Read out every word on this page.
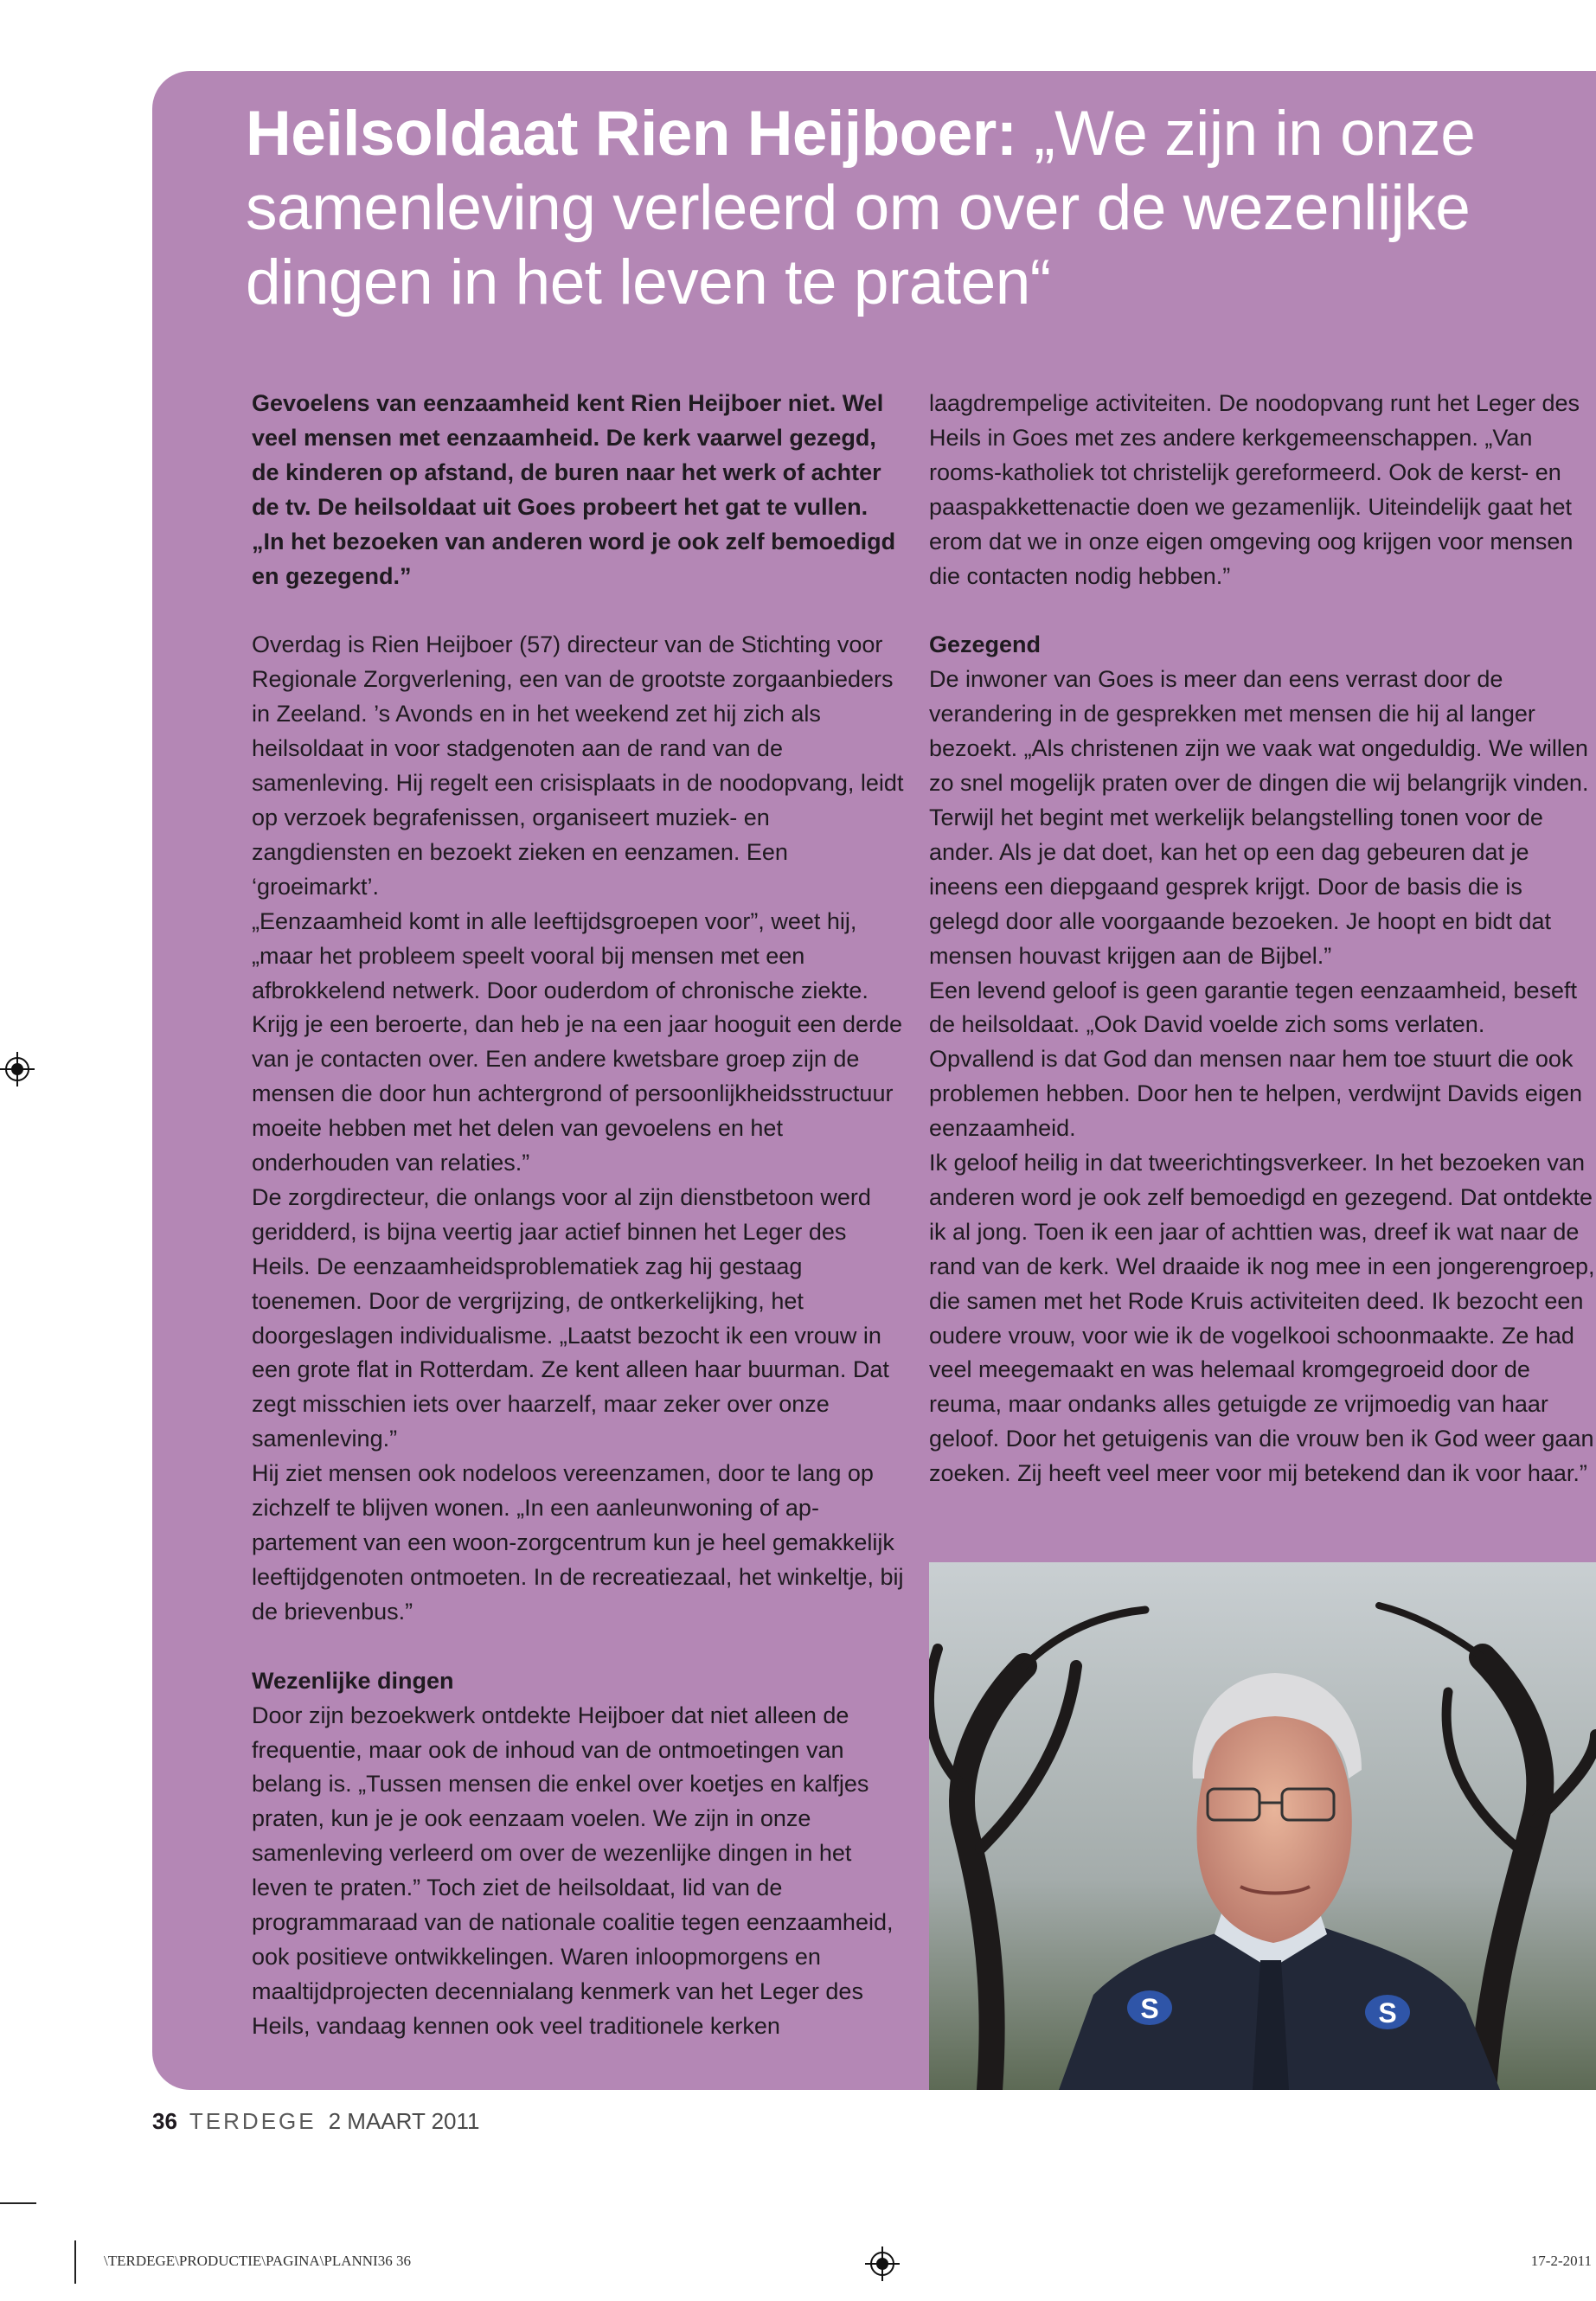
Heilsoldaat Rien Heijboer: „We zijn in onze samenleving verleerd om over de wezenlijke dingen in het leven te praten“

Gevoelens van eenzaamheid kent Rien Heijboer niet. Wel veel mensen met eenzaamheid. De kerk vaarwel gezegd, de kinderen op afstand, de buren naar het werk of achter de tv. De heilsoldaat uit Goes probeert het gat te vullen. „In het bezoeken van anderen word je ook zelf bemoedigd en gezegend.”

Overdag is Rien Heijboer (57) directeur van de Stichting voor Regionale Zorgverlening, een van de grootste zorgaanbieders in Zeeland. ’s Avonds en in het weekend zet hij zich als heilsoldaat in voor stadgenoten aan de rand van de samenleving. Hij regelt een crisisplaats in de noodopvang, leidt op verzoek begrafenissen, organiseert muziek- en zangdiensten en bezoekt zieken en eenzamen. Een ‘groeimarkt’.

„Eenzaamheid komt in alle leeftijdsgroepen voor”, weet hij, „maar het probleem speelt vooral bij mensen met een afbrokkelend netwerk. Door ouderdom of chronische ziekte. Krijg je een beroerte, dan heb je na een jaar hooguit een derde van je contacten over. Een andere kwetsbare groep zijn de mensen die door hun achtergrond of persoonlijkheidsstructuur moeite hebben met het delen van gevoelens en het onderhouden van relaties.”

De zorgdirecteur, die onlangs voor al zijn dienstbetoon werd geridderd, is bijna veertig jaar actief binnen het Leger des Heils. De eenzaamheidsproblematiek zag hij gestaag toenemen. Door de vergrijzing, de ontkerkelijking, het doorgeslagen individualisme. „Laatst bezocht ik een vrouw in een grote flat in Rotterdam. Ze kent alleen haar buurman. Dat zegt misschien iets over haarzelf, maar zeker over onze samenleving.”

Hij ziet mensen ook nodeloos vereenzamen, door te lang op zichzelf te blijven wonen. „In een aanleunwoning of appartement van een woon-zorgcentrum kun je heel gemakkelijk leeftijdgenoten ontmoeten. In de recreatiezaal, het winkeltje, bij de brievenbus.”

Wezenlijke dingen

Door zijn bezoekwerk ontdekte Heijboer dat niet alleen de frequentie, maar ook de inhoud van de ontmoetingen van belang is. „Tussen mensen die enkel over koetjes en kalfjes praten, kun je je ook eenzaam voelen. We zijn in onze samenleving verleerd om over de wezenlijke dingen in het leven te praten.” Toch ziet de heilsoldaat, lid van de programmaraad van de nationale coalitie tegen eenzaamheid, ook positieve ontwikkelingen. Waren inloopmorgens en maaltijdprojecten decennialang kenmerk van het Leger des Heils, vandaag kennen ook veel traditionele kerken

laagdrempelige activiteiten. De noodopvang runt het Leger des Heils in Goes met zes andere kerkgemeenschappen. „Van rooms-katholiek tot christelijk gereformeerd. Ook de kerst- en paaspakkettenactie doen we gezamenlijk. Uiteindelijk gaat het erom dat we in onze eigen omgeving oog krijgen voor mensen die contacten nodig hebben.”

Gezegend

De inwoner van Goes is meer dan eens verrast door de verandering in de gesprekken met mensen die hij al langer bezoekt. „Als christenen zijn we vaak wat ongeduldig. We willen zo snel mogelijk praten over de dingen die wij belangrijk vinden. Terwijl het begint met werkelijk belangstelling tonen voor de ander. Als je dat doet, kan het op een dag gebeuren dat je ineens een diepgaand gesprek krijgt. Door de basis die is gelegd door alle voorgaande bezoeken. Je hoopt en bidt dat mensen houvast krijgen aan de Bijbel.”

Een levend geloof is geen garantie tegen eenzaamheid, beseft de heilsoldaat. „Ook David voelde zich soms verlaten. Opvallend is dat God dan mensen naar hem toe stuurt die ook problemen hebben. Door hen te helpen, verdwijnt Davids eigen eenzaamheid.

Ik geloof heilig in dat tweerichtingsverkeer. In het bezoeken van anderen word je ook zelf bemoedigd en gezegend. Dat ontdekte ik al jong. Toen ik een jaar of achttien was, dreef ik wat naar de rand van de kerk. Wel draaide ik nog mee in een jongerengroep, die samen met het Rode Kruis activiteiten deed. Ik bezocht een oudere vrouw, voor wie ik de vogelkooi schoonmaakte. Ze had veel meegemaakt en was helemaal kromgegroeid door de reuma, maar ondanks alles getuigde ze vrijmoedig van haar geloof. Door het getuigenis van die vrouw ben ik God weer gaan zoeken. Zij heeft veel meer voor mij betekend dan ik voor haar.”

S	S
36 TERDEGE 2 MAART 2011
\TERDEGE\PRODUCTIE\PAGINA\PLANNI36 36	17-2-2011
